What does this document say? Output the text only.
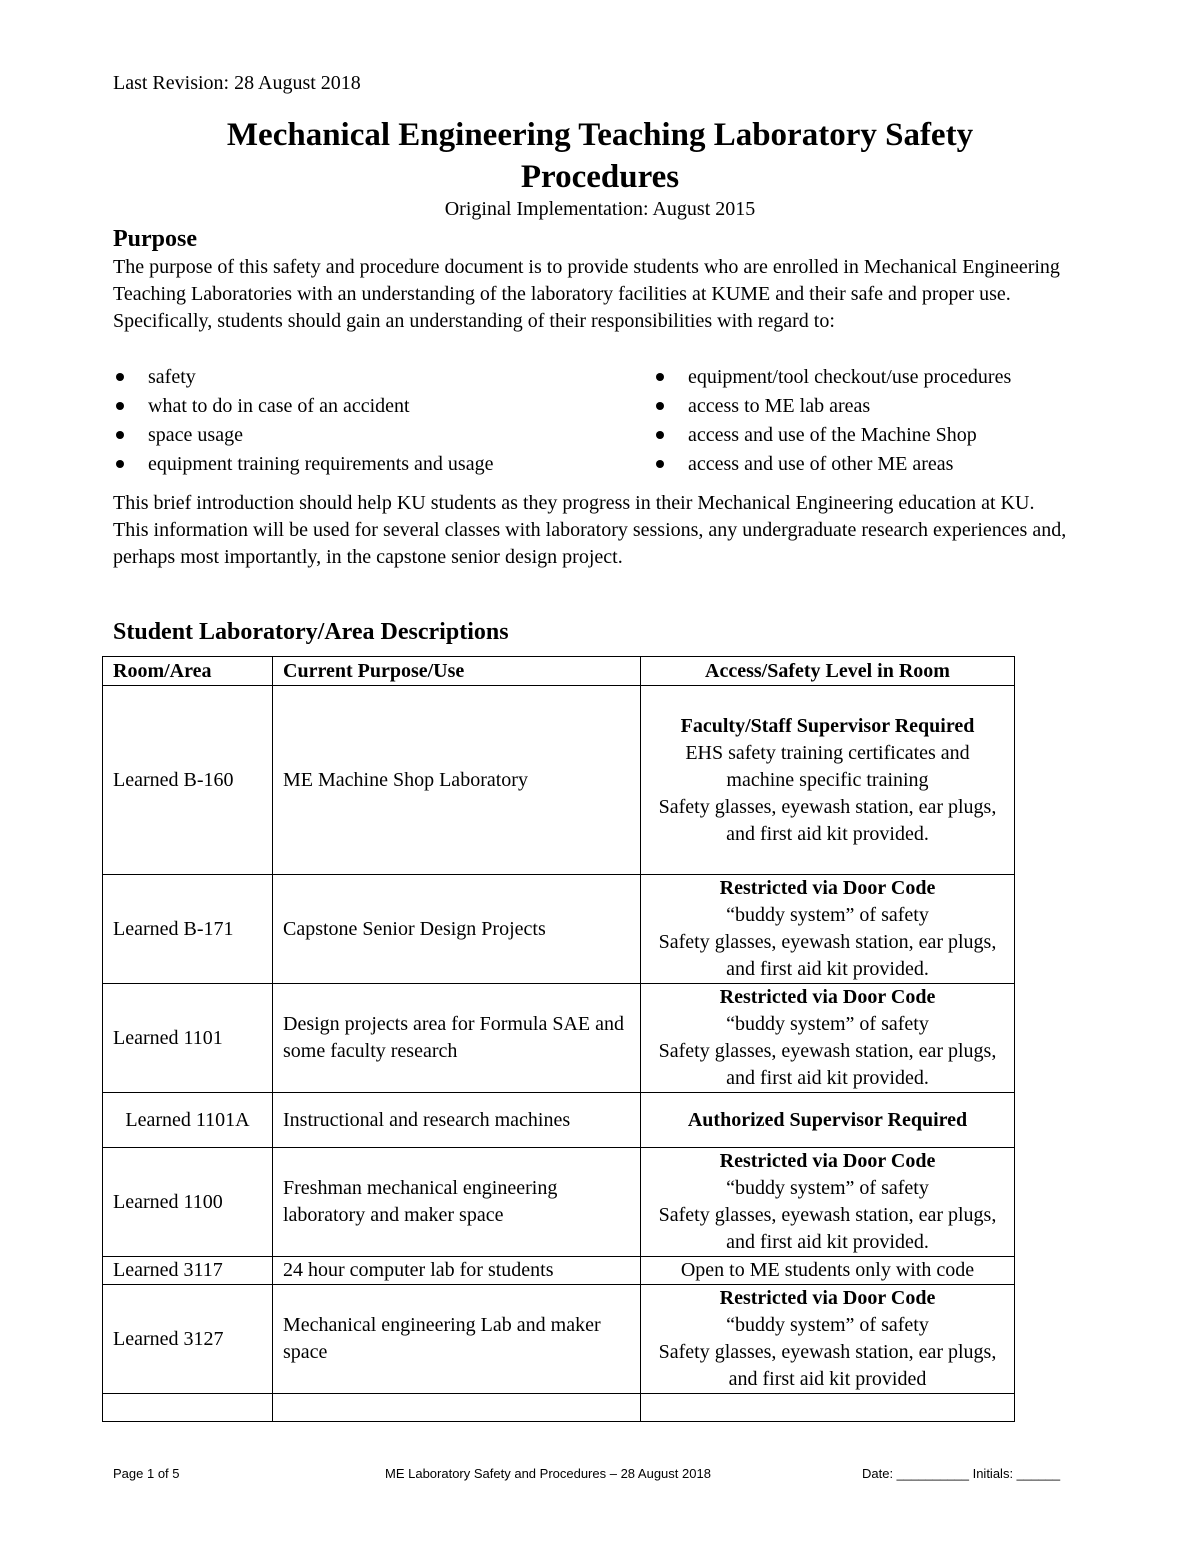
Last Revision: 28 August 2018
Mechanical Engineering Teaching Laboratory Safety
Procedures
Original Implementation: August 2015
Purpose
The purpose of this safety and procedure document is to provide students who are enrolled in Mechanical Engineering Teaching Laboratories with an understanding of the laboratory facilities at KUME and their safe and proper use. Specifically, students should gain an understanding of their responsibilities with regard to:
safety
what to do in case of an accident
space usage
equipment training requirements and usage
equipment/tool checkout/use procedures
access to ME lab areas
access and use of the Machine Shop
access and use of other ME areas
This brief introduction should help KU students as they progress in their Mechanical Engineering education at KU. This information will be used for several classes with laboratory sessions, any undergraduate research experiences and, perhaps most importantly, in the capstone senior design project.
Student Laboratory/Area Descriptions
Room/Area	Current Purpose/Use	Access/Safety Level in Room
Learned B-160	ME Machine Shop Laboratory	Faculty/Staff Supervisor Required
EHS safety training certificates and machine specific training
Safety glasses, eyewash station, ear plugs, and first aid kit provided.

Learned B-171	Capstone Senior Design Projects	Restricted via Door Code
“buddy system” of safety
Safety glasses, eyewash station, ear plugs, and first aid kit provided.

Learned 1101	Design projects area for Formula SAE and some faculty research	Restricted via Door Code
“buddy system” of safety
Safety glasses, eyewash station, ear plugs, and first aid kit provided.

Learned 1101A	Instructional and research machines	Authorized Supervisor Required

Learned 1100	Freshman mechanical engineering laboratory and maker space	Restricted via Door Code
“buddy system” of safety
Safety glasses, eyewash station, ear plugs, and first aid kit provided.

Learned 3117	24 hour computer lab for students	Open to ME students only with code

Learned 3127	Mechanical engineering Lab and maker space	Restricted via Door Code
“buddy system” of safety
Safety glasses, eyewash station, ear plugs, and first aid kit provided

Page 1 of 5	ME Laboratory Safety and Procedures – 28 August 2018	Date: __________ Initials: ______
